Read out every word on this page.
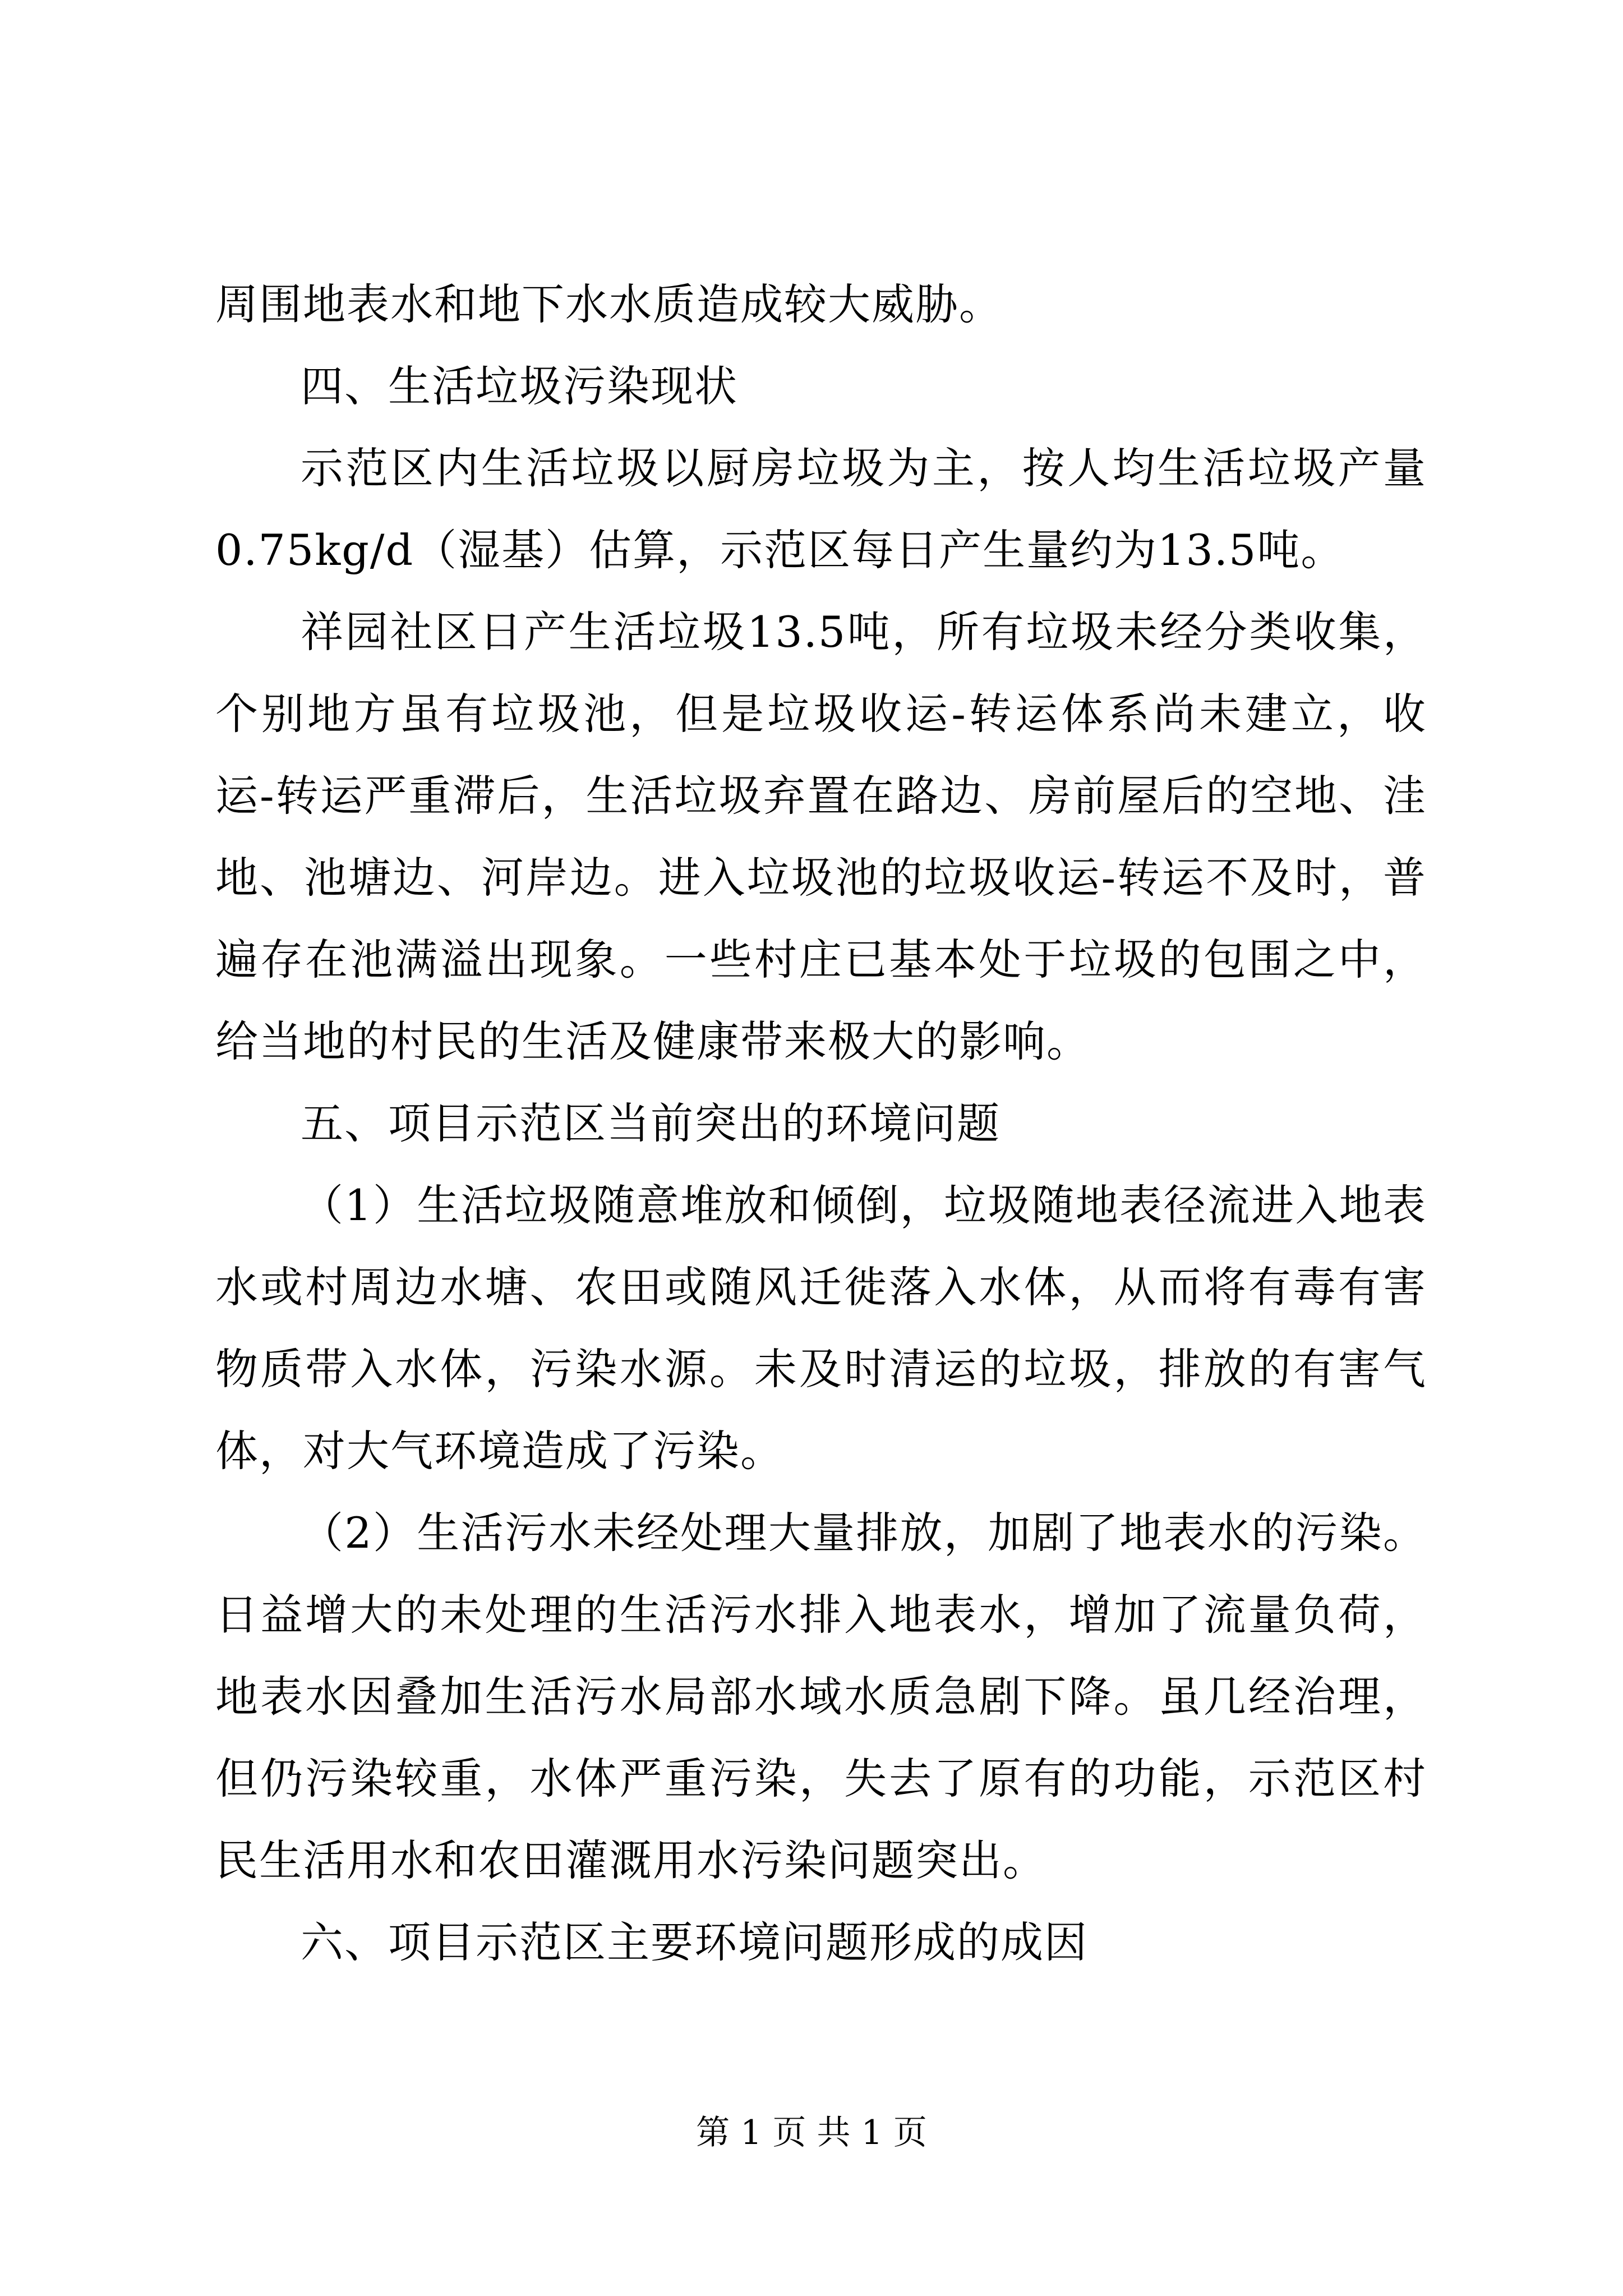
周围地表水和地下水水质造成较大威胁。

四、生活垃圾污染现状

示范区内生活垃圾以厨房垃圾为主，按人均生活垃圾产量0.75kg/d（湿基）估算，示范区每日产生量约为13.5吨。

祥园社区日产生活垃圾13.5吨，所有垃圾未经分类收集，个别地方虽有垃圾池，但是垃圾收运-转运体系尚未建立，收运-转运严重滞后，生活垃圾弃置在路边、房前屋后的空地、洼地、池塘边、河岸边。进入垃圾池的垃圾收运-转运不及时，普遍存在池满溢出现象。一些村庄已基本处于垃圾的包围之中，给当地的村民的生活及健康带来极大的影响。

五、项目示范区当前突出的环境问题

（1）生活垃圾随意堆放和倾倒，垃圾随地表径流进入地表水或村周边水塘、农田或随风迁徙落入水体，从而将有毒有害物质带入水体，污染水源。未及时清运的垃圾，排放的有害气体，对大气环境造成了污染。

（2）生活污水未经处理大量排放，加剧了地表水的污染。日益增大的未处理的生活污水排入地表水，增加了流量负荷，地表水因叠加生活污水局部水域水质急剧下降。虽几经治理，但仍污染较重，水体严重污染，失去了原有的功能，示范区村民生活用水和农田灌溉用水污染问题突出。

六、项目示范区主要环境问题形成的成因

第 1 页 共 1 页
